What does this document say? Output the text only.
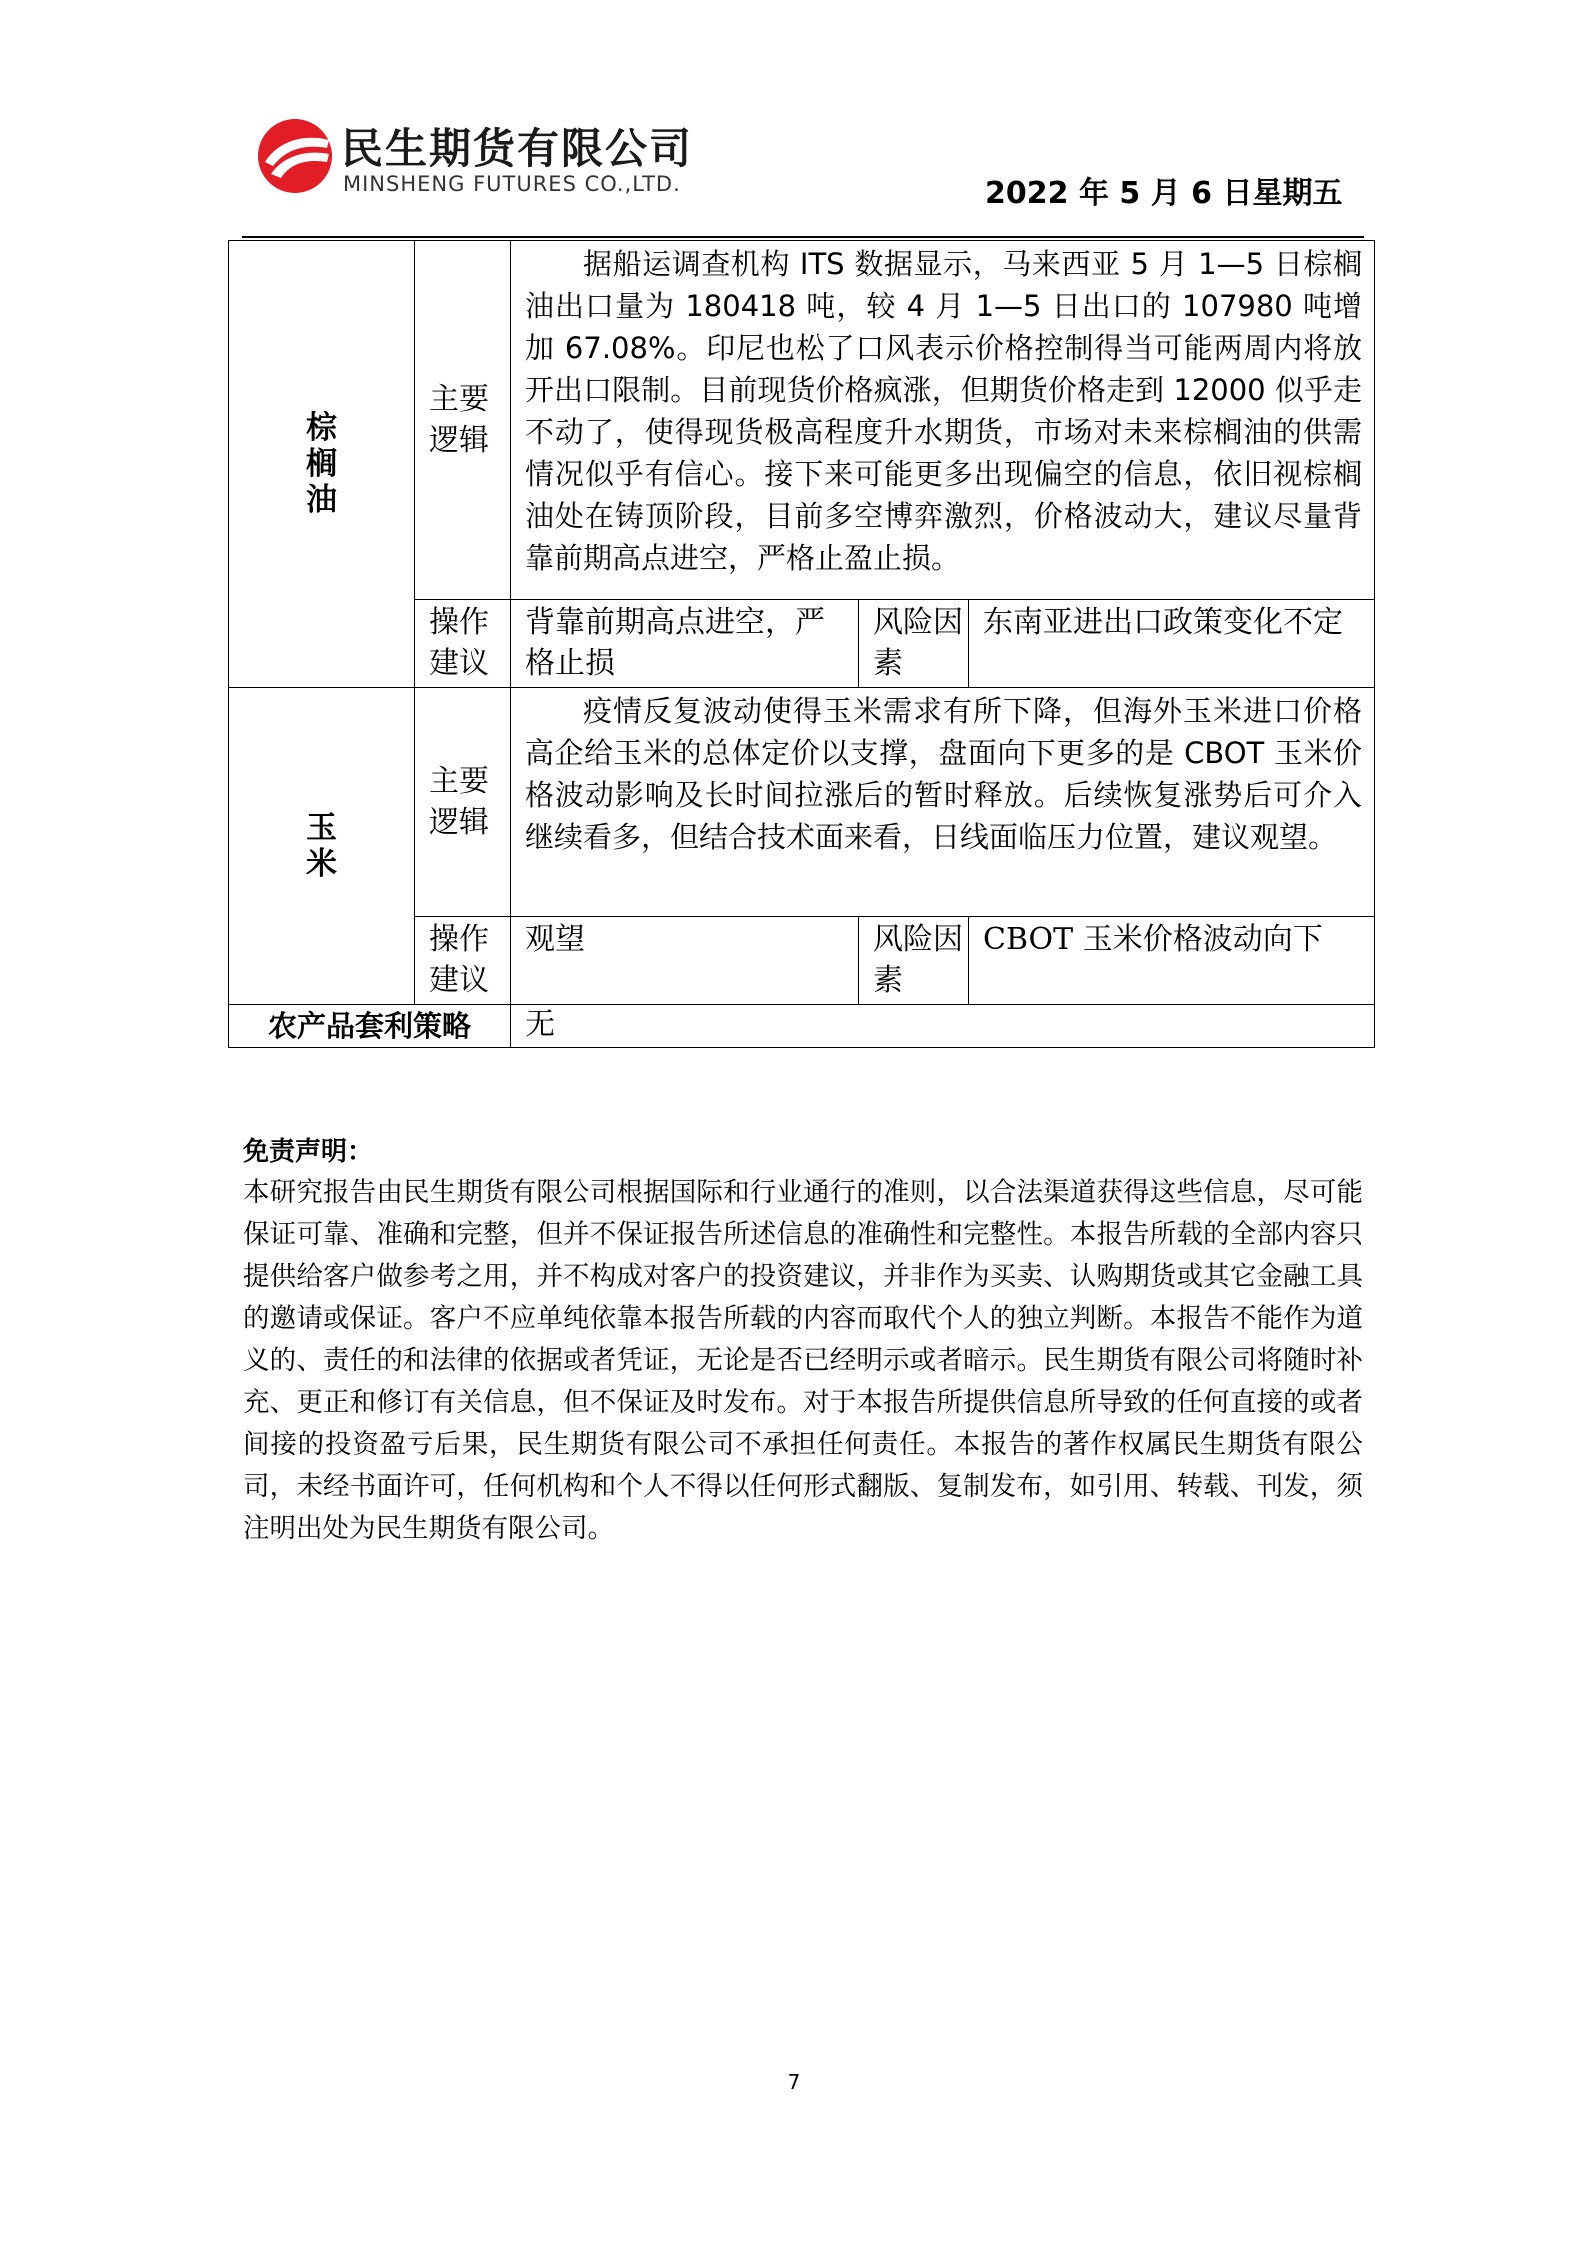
民生期货有限公司
MINSHENG FUTURES CO.,LTD.	2022 年 5 月 6 日星期五
棕榈油	主要逻辑	据船运调查机构 ITS 数据显示，马来西亚 5 月 1—5 日棕榈油出口量为 180418 吨，较 4 月 1—5 日出口的 107980 吨增加 67.08%。印尼也松了口风表示价格控制得当可能两周内将放开出口限制。目前现货价格疯涨，但期货价格走到 12000 似乎走不动了，使得现货极高程度升水期货，市场对未来棕榈油的供需情况似乎有信心。接下来可能更多出现偏空的信息，依旧视棕榈油处在铸顶阶段，目前多空博弈激烈，价格波动大，建议尽量背靠前期高点进空，严格止盈止损。		
	操作建议	背靠前期高点进空，严格止损	风险因素	东南亚进出口政策变化不定
玉米	主要逻辑	疫情反复波动使得玉米需求有所下降，但海外玉米进口价格高企给玉米的总体定价以支撑，盘面向下更多的是 CBOT 玉米价格波动影响及长时间拉涨后的暂时释放。后续恢复涨势后可介入继续看多，但结合技术面来看，日线面临压力位置，建议观望。		
	操作建议	观望	风险因素	CBOT 玉米价格波动向下
农产品套利策略		无		
免责声明：
本研究报告由民生期货有限公司根据国际和行业通行的准则，以合法渠道获得这些信息，尽可能保证可靠、准确和完整，但并不保证报告所述信息的准确性和完整性。本报告所载的全部内容只提供给客户做参考之用，并不构成对客户的投资建议，并非作为买卖、认购期货或其它金融工具的邀请或保证。客户不应单纯依靠本报告所载的内容而取代个人的独立判断。本报告不能作为道义的、责任的和法律的依据或者凭证，无论是否已经明示或者暗示。民生期货有限公司将随时补充、更正和修订有关信息，但不保证及时发布。对于本报告所提供信息所导致的任何直接的或者间接的投资盈亏后果，民生期货有限公司不承担任何责任。本报告的著作权属民生期货有限公司，未经书面许可，任何机构和个人不得以任何形式翻版、复制发布，如引用、转载、刊发，须注明出处为民生期货有限公司。
7
